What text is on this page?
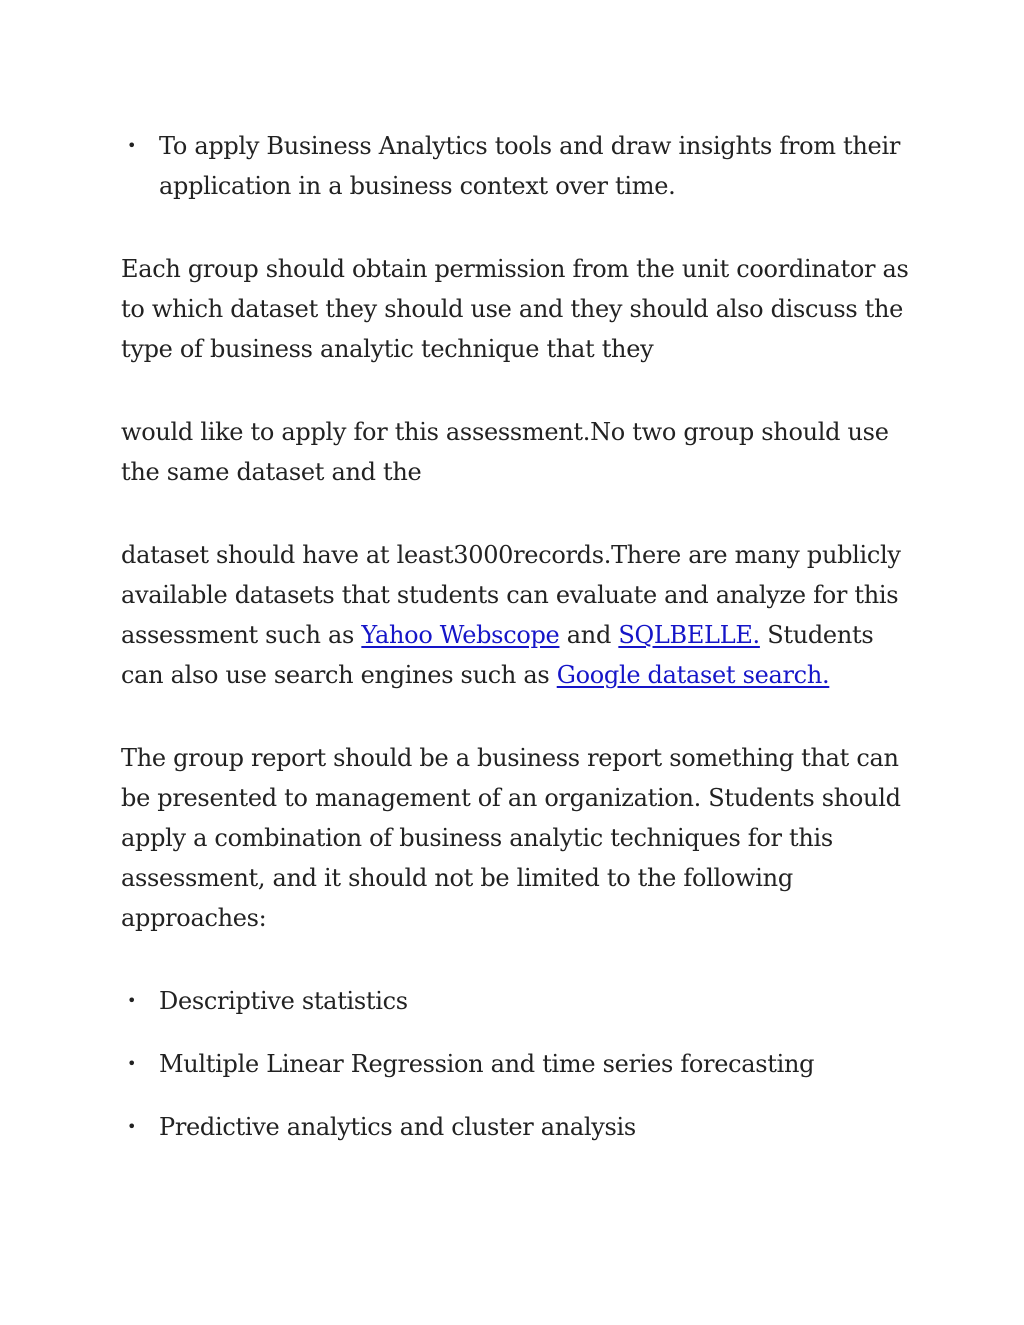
• To apply Business Analytics tools and draw insights from their application in a business context over time.

Each group should obtain permission from the unit coordinator as to which dataset they should use and they should also discuss the type of business analytic technique that they

would like to apply for this assessment.No two group should use the same dataset and the

dataset should have at least3000records.There are many publicly available datasets that students can evaluate and analyze for this assessment such as Yahoo Webscope and SQLBELLE. Students can also use search engines such as Google dataset search.

The group report should be a business report something that can be presented to management of an organization. Students should apply a combination of business analytic techniques for this assessment, and it should not be limited to the following approaches:

• Descriptive statistics
• Multiple Linear Regression and time series forecasting
• Predictive analytics and cluster analysis
